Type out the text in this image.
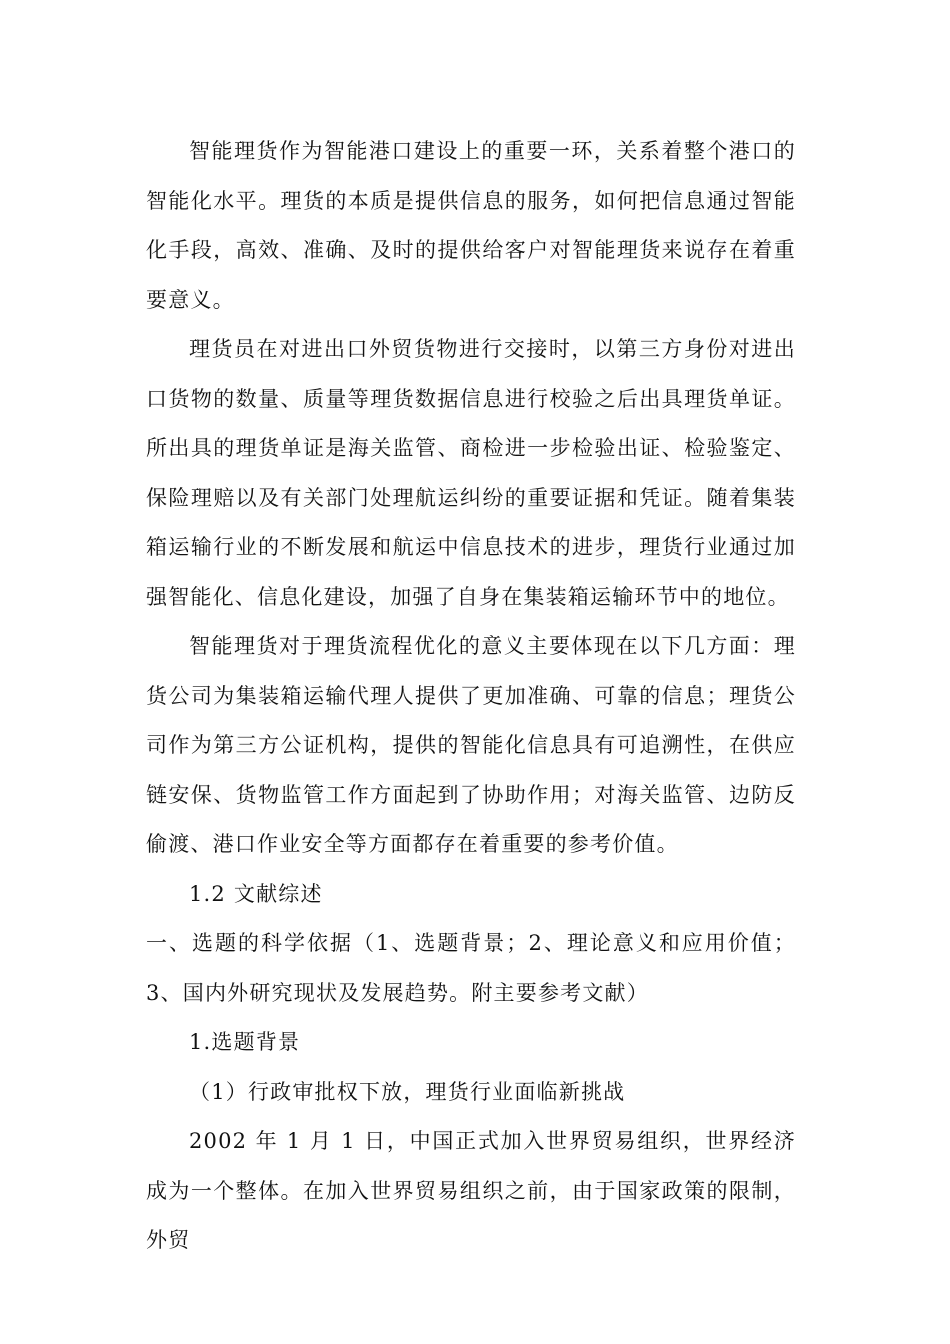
智能理货作为智能港口建设上的重要一环，关系着整个港口的智能化水平。理货的本质是提供信息的服务，如何把信息通过智能化手段，高效、准确、及时的提供给客户对智能理货来说存在着重要意义。

理货员在对进出口外贸货物进行交接时，以第三方身份对进出口货物的数量、质量等理货数据信息进行校验之后出具理货单证。所出具的理货单证是海关监管、商检进一步检验出证、检验鉴定、保险理赔以及有关部门处理航运纠纷的重要证据和凭证。随着集装箱运输行业的不断发展和航运中信息技术的进步，理货行业通过加强智能化、信息化建设，加强了自身在集装箱运输环节中的地位。

智能理货对于理货流程优化的意义主要体现在以下几方面：理货公司为集装箱运输代理人提供了更加准确、可靠的信息；理货公司作为第三方公证机构，提供的智能化信息具有可追溯性，在供应链安保、货物监管工作方面起到了协助作用；对海关监管、边防反偷渡、港口作业安全等方面都存在着重要的参考价值。

1.2 文献综述

一、选题的科学依据（1、选题背景；2、理论意义和应用价值；3、国内外研究现状及发展趋势。附主要参考文献）

1.选题背景

（1）行政审批权下放，理货行业面临新挑战

2002 年 1 月 1 日，中国正式加入世界贸易组织，世界经济成为一个整体。在加入世界贸易组织之前，由于国家政策的限制，外贸
